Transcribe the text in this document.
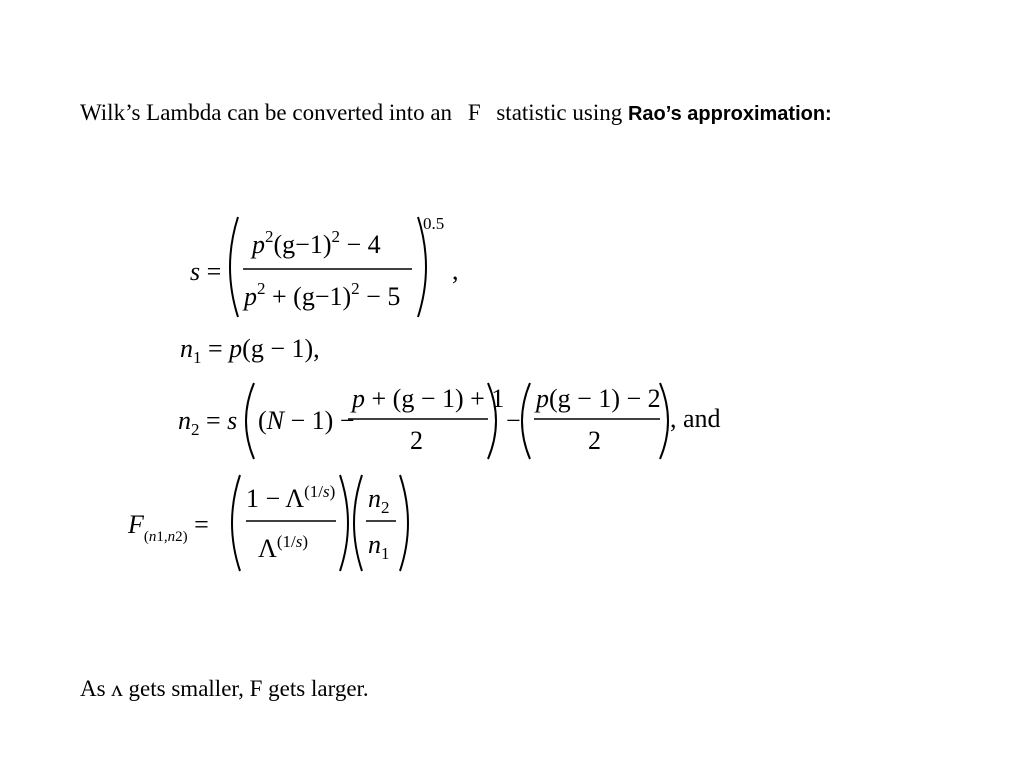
Wilk’s Lambda can be converted into an F statistic using Rao’s approximation:
s =
$p^2(g-1)^2 - 4$
$p^2 + (g-1)^2 - 5$
0.5
,
$n_1 = p(g - 1)$,
$n_2 = s$ (N − 1) −
p + (g − 1) + 1
2
−
p(g − 1) − 2
2
, and
$F_{(n1,n2)}$ =
$1 - \Lambda^{(1/s)}$
$\Lambda^{(1/s)}$
$n_2$
$n_1$
As ʌ gets smaller, F gets larger.
